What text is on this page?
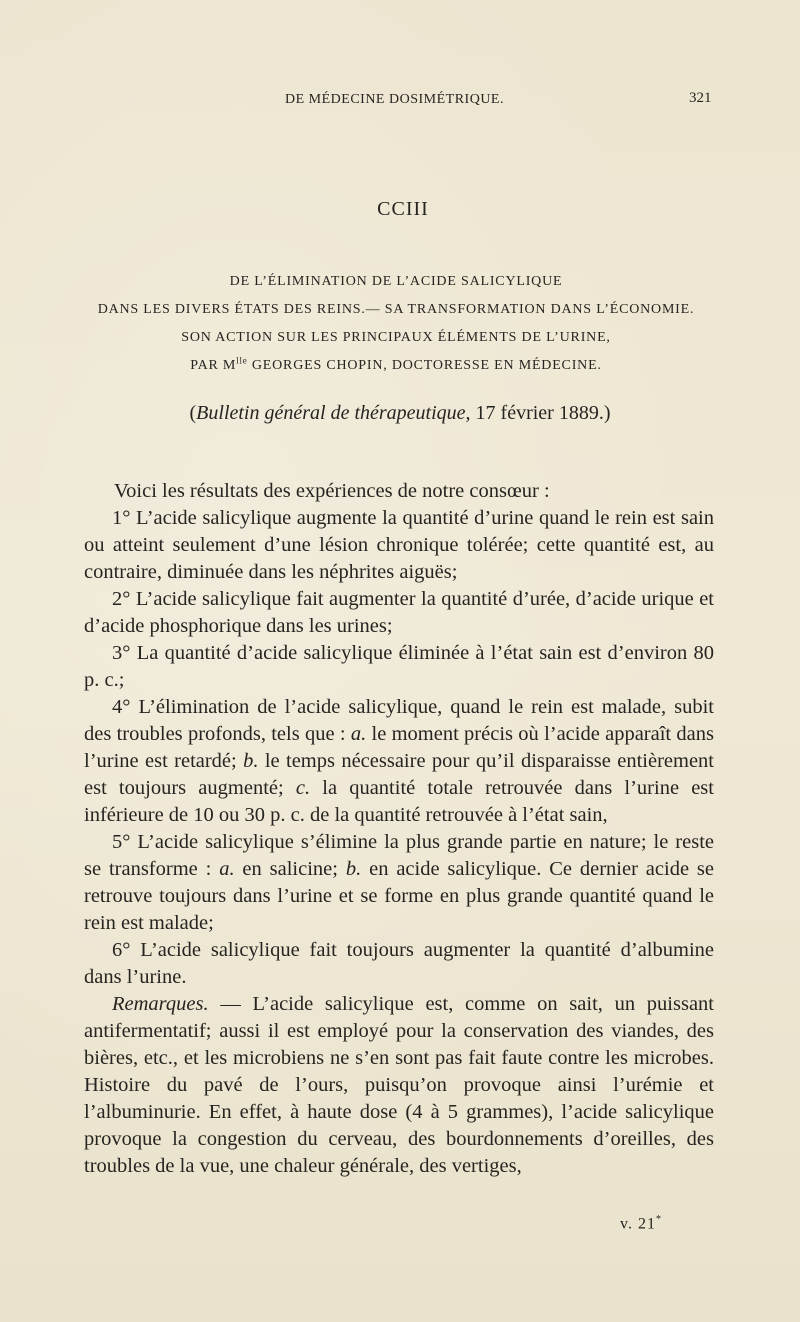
DE MÉDECINE DOSIMÉTRIQUE.	321
CCIII
DE L’ÉLIMINATION DE L’ACIDE SALICYLIQUE
DANS LES DIVERS ÉTATS DES REINS.— SA TRANSFORMATION DANS L’ÉCONOMIE.
SON ACTION SUR LES PRINCIPAUX ÉLÉMENTS DE L’URINE,
PAR $M^{lle}$ GEORGES CHOPIN, DOCTORESSE EN MÉDECINE.
(Bulletin général de thérapeutique, 17 février 1889.)

Voici les résultats des expériences de notre consœur :

1° L’acide salicylique augmente la quantité d’urine quand le rein est sain ou atteint seulement d’une lésion chronique tolérée; cette quantité est, au contraire, diminuée dans les néphrites aiguës;

2° L’acide salicylique fait augmenter la quantité d’urée, d’acide urique et d’acide phosphorique dans les urines;

3° La quantité d’acide salicylique éliminée à l’état sain est d’environ 80 p. c.;

4° L’élimination de l’acide salicylique, quand le rein est malade, subit des troubles profonds, tels que : a. le moment précis où l’acide apparaît dans l’urine est retardé; b. le temps nécessaire pour qu’il disparaisse entièrement est toujours augmenté; c. la quantité totale retrouvée dans l’urine est inférieure de 10 ou 30 p. c. de la quantité retrouvée à l’état sain,

5° L’acide salicylique s’élimine la plus grande partie en nature; le reste se transforme : a. en salicine; b. en acide salicylique. Ce dernier acide se retrouve toujours dans l’urine et se forme en plus grande quantité quand le rein est malade;

6° L’acide salicylique fait toujours augmenter la quantité d’albumine dans l’urine.

Remarques. — L’acide salicylique est, comme on sait, un puissant antifermentatif; aussi il est employé pour la conservation des viandes, des bières, etc., et les microbiens ne s’en sont pas fait faute contre les microbes. Histoire du pavé de l’ours, puisqu’on provoque ainsi l’urémie et l’albuminurie. En effet, à haute dose (4 à 5 grammes), l’acide salicylique provoque la congestion du cerveau, des bourdonnements d’oreilles, des troubles de la vue, une chaleur générale, des vertiges,

v. 21*
